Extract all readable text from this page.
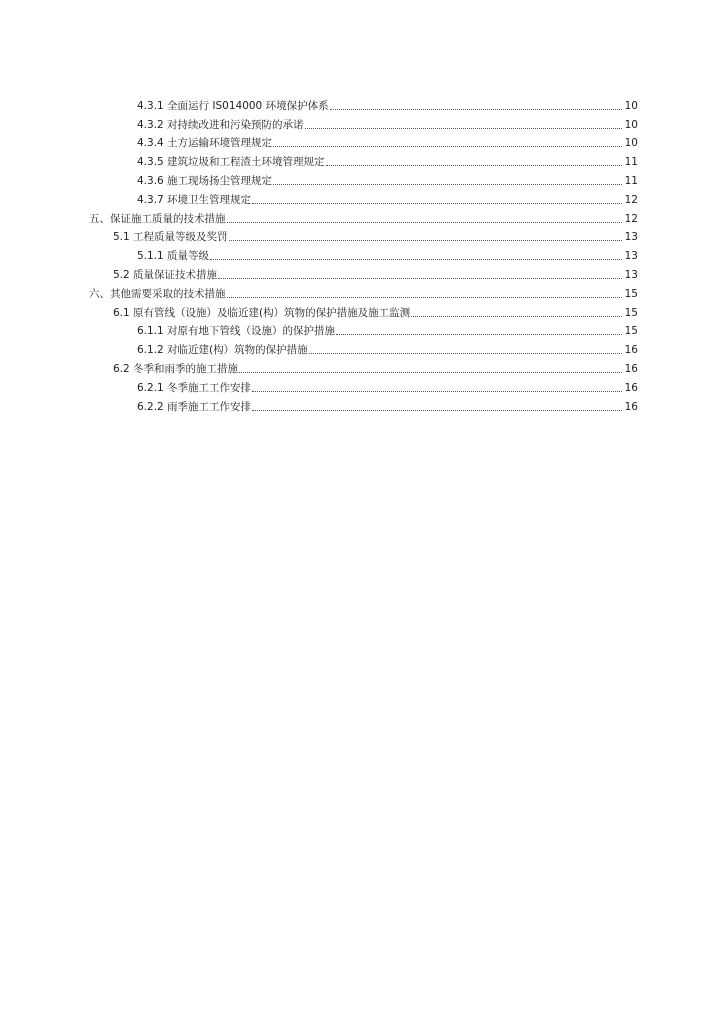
4.3.1 全面运行 IS014000 环境保护体系	10
4.3.2 对持续改进和污染预防的承诺	10
4.3.4 土方运输环境管理规定	10
4.3.5 建筑垃圾和工程渣土环境管理规定	11
4.3.6 施工现场扬尘管理规定	11
4.3.7 环境卫生管理规定	12
五、保证施工质量的技术措施	12
5.1 工程质量等级及奖罚	13
5.1.1 质量等级	13
5.2 质量保证技术措施	13
六、其他需要采取的技术措施	15
6.1 原有管线（设施）及临近建(构）筑物的保护措施及施工监测	15
6.1.1 对原有地下管线（设施）的保护措施	15
6.1.2 对临近建(构）筑物的保护措施	16
6.2 冬季和雨季的施工措施	16
6.2.1 冬季施工工作安排	16
6.2.2 雨季施工工作安排	16
